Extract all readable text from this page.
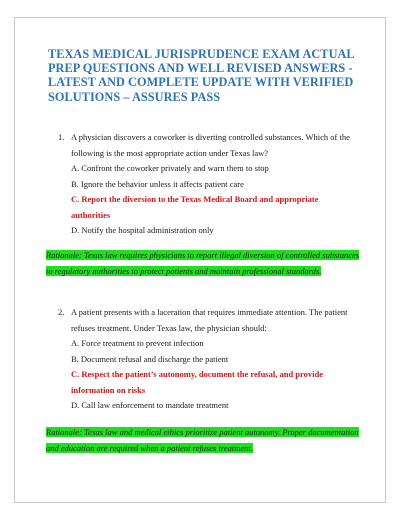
TEXAS MEDICAL JURISPRUDENCE EXAM ACTUAL PREP QUESTIONS AND WELL REVISED ANSWERS - LATEST AND COMPLETE UPDATE WITH VERIFIED SOLUTIONS – ASSURES PASS
1. A physician discovers a coworker is diverting controlled substances. Which of the following is the most appropriate action under Texas law?
A. Confront the coworker privately and warn them to stop
B. Ignore the behavior unless it affects patient care
C. Report the diversion to the Texas Medical Board and appropriate authorities
D. Notify the hospital administration only
Rationale: Texas law requires physicians to report illegal diversion of controlled substances to regulatory authorities to protect patients and maintain professional standards.
2. A patient presents with a laceration that requires immediate attention. The patient refuses treatment. Under Texas law, the physician should:
A. Force treatment to prevent infection
B. Document refusal and discharge the patient
C. Respect the patient’s autonomy, document the refusal, and provide information on risks
D. Call law enforcement to mandate treatment
Rationale: Texas law and medical ethics prioritize patient autonomy. Proper documentation and education are required when a patient refuses treatment.
